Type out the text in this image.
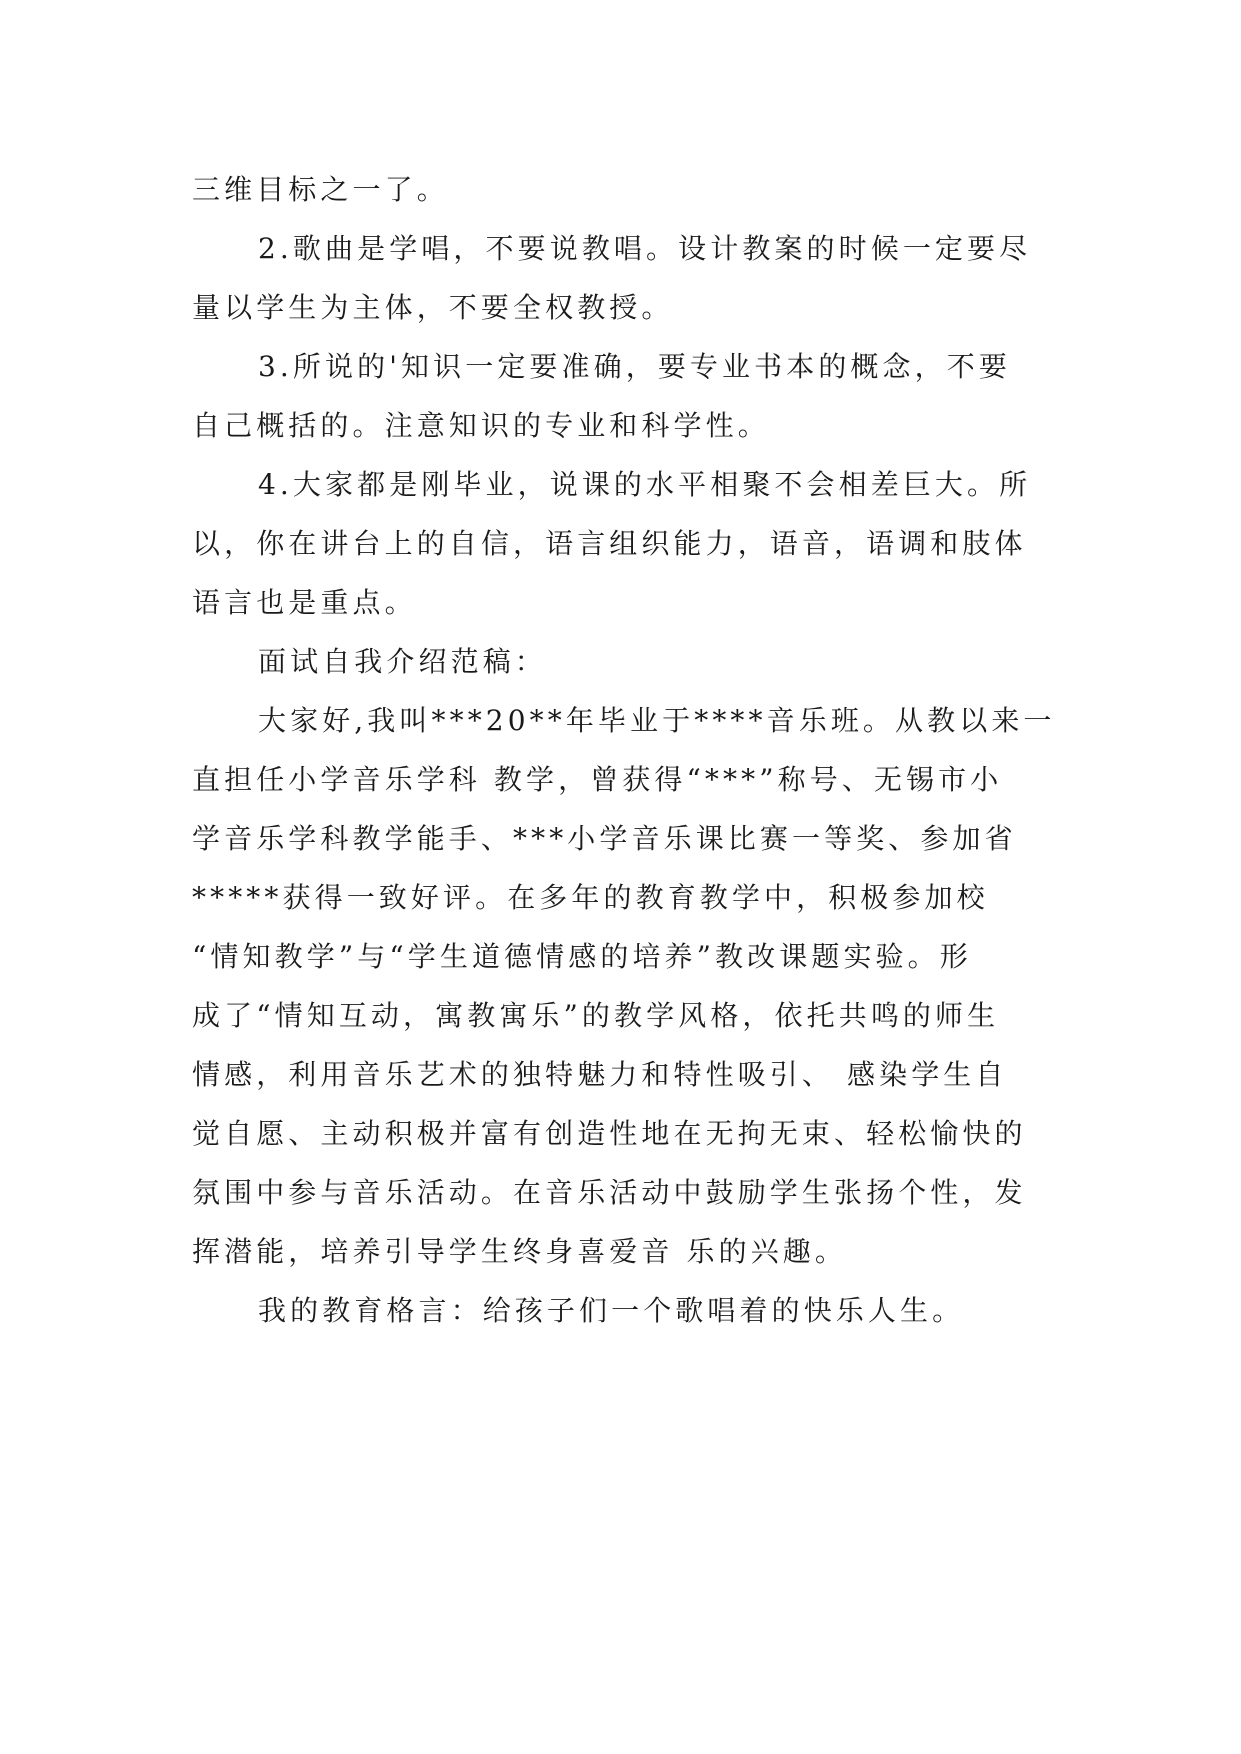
三维目标之一了。
2.歌曲是学唱，不要说教唱。设计教案的时候一定要尽
量以学生为主体，不要全权教授。
3.所说的'知识一定要准确，要专业书本的概念，不要
自己概括的。注意知识的专业和科学性。
4.大家都是刚毕业，说课的水平相聚不会相差巨大。所
以，你在讲台上的自信，语言组织能力，语音，语调和肢体
语言也是重点。
面试自我介绍范稿：
大家好,我叫***20**年毕业于****音乐班。从教以来一
直担任小学音乐学科 教学，曾获得“***”称号、无锡市小
学音乐学科教学能手、***小学音乐课比赛一等奖、参加省
*****获得一致好评。在多年的教育教学中，积极参加校
“情知教学”与“学生道德情感的培养”教改课题实验。形
成了“情知互动，寓教寓乐”的教学风格，依托共鸣的师生
情感，利用音乐艺术的独特魅力和特性吸引、 感染学生自
觉自愿、主动积极并富有创造性地在无拘无束、轻松愉快的
氛围中参与音乐活动。在音乐活动中鼓励学生张扬个性，发
挥潜能，培养引导学生终身喜爱音 乐的兴趣。
我的教育格言：给孩子们一个歌唱着的快乐人生。
